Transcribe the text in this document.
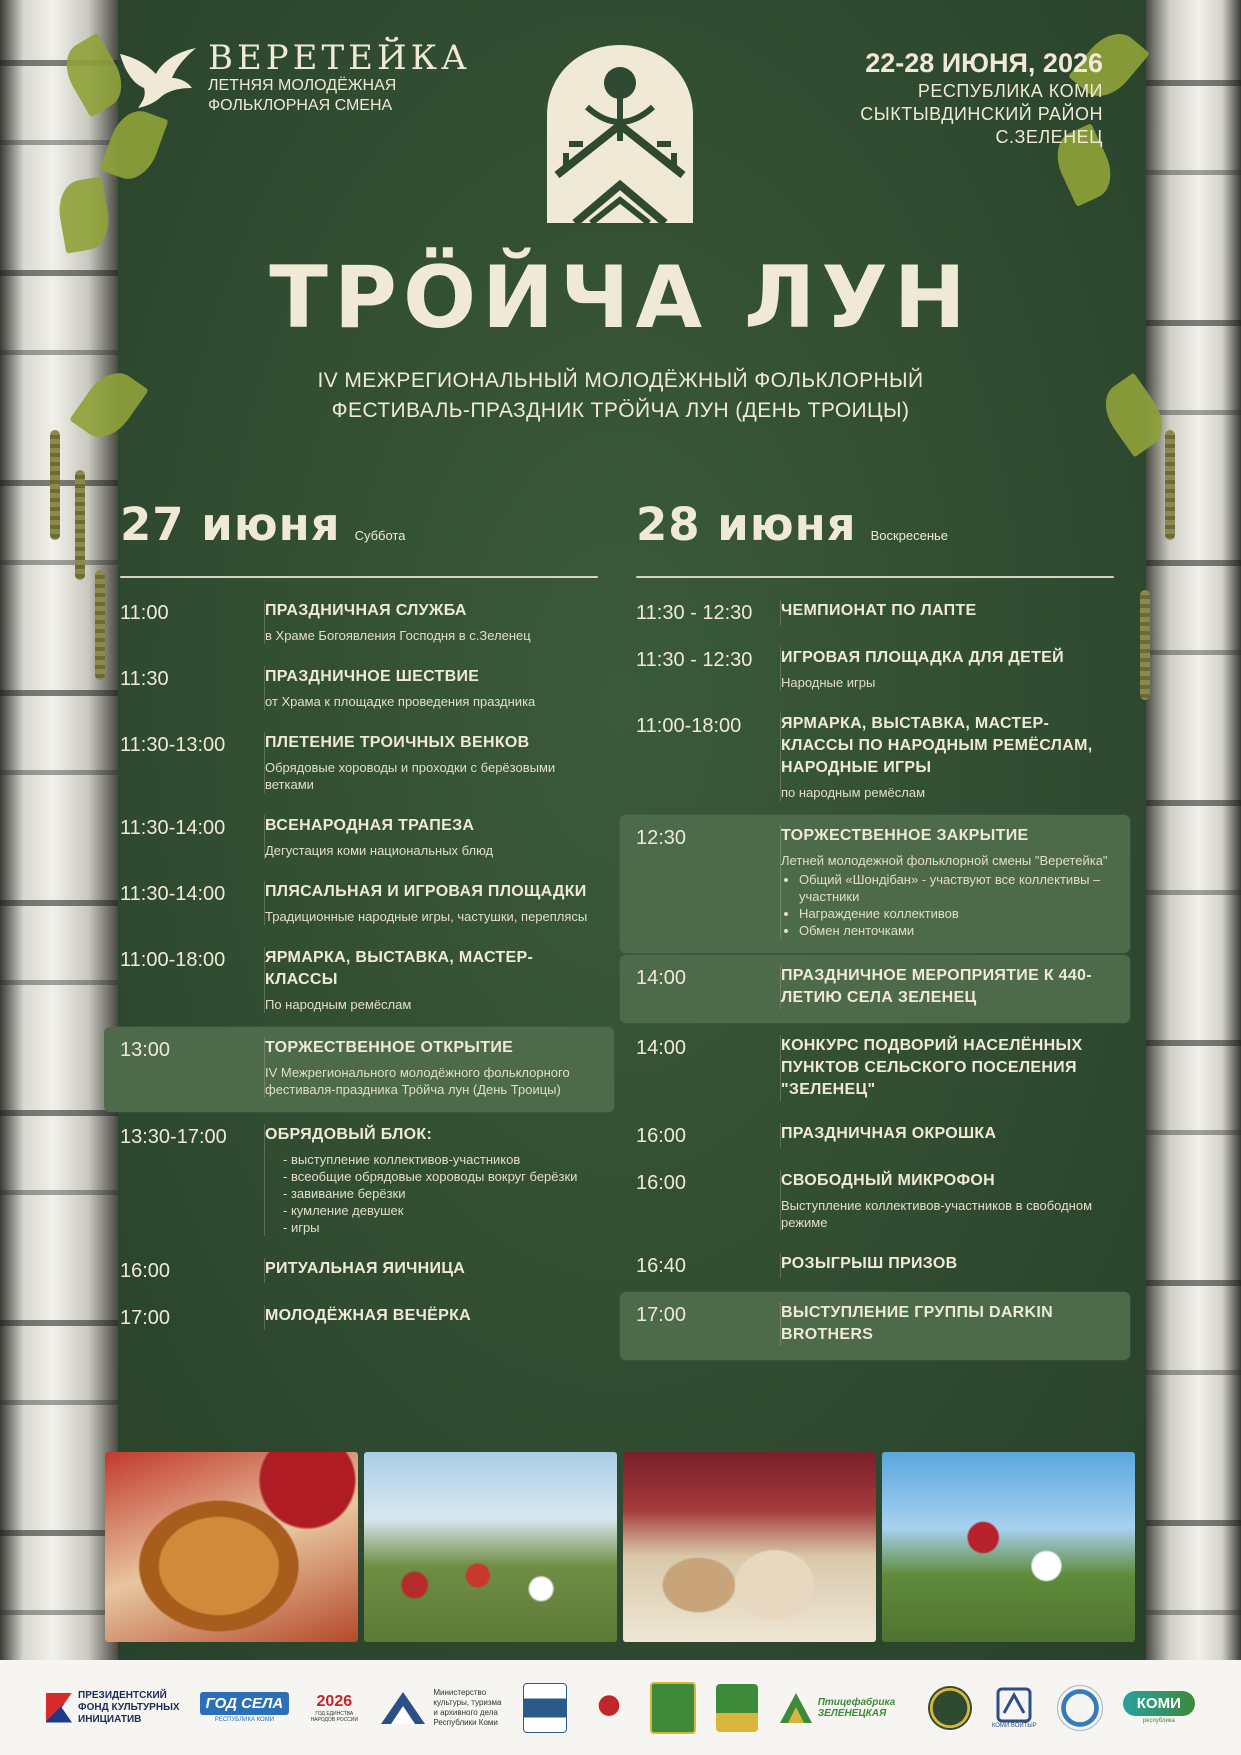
ВЕРЕТЕЙКА
ЛЕТНЯЯ МОЛОДЁЖНАЯ
ФОЛЬКЛОРНАЯ СМЕНА
22-28 ИЮНЯ, 2026
РЕСПУБЛИКА КОМИ
СЫКТЫВДИНСКИЙ РАЙОН
С.ЗЕЛЕНЕЦ
ТРӦЙЧА ЛУН
IV МЕЖРЕГИОНАЛЬНЫЙ МОЛОДЁЖНЫЙ ФОЛЬКЛОРНЫЙ
ФЕСТИВАЛЬ-ПРАЗДНИК ТРӦЙЧА ЛУН (ДЕНЬ ТРОИЦЫ)
27 июня Суббота
11:00	ПРАЗДНИЧНАЯ СЛУЖБА
в Храме Богоявления Господня в с.Зеленец
11:30	ПРАЗДНИЧНОЕ ШЕСТВИЕ
от Храма к площадке проведения праздника
11:30-13:00	ПЛЕТЕНИЕ ТРОИЧНЫХ ВЕНКОВ
Обрядовые хороводы и проходки с берёзовыми ветками
11:30-14:00	ВСЕНАРОДНАЯ ТРАПЕЗА
Дегустация коми национальных блюд
11:30-14:00	ПЛЯСАЛЬНАЯ И ИГРОВАЯ ПЛОЩАДКИ
Традиционные народные игры, частушки, переплясы
11:00-18:00	ЯРМАРКА, ВЫСТАВКА, МАСТЕР-КЛАССЫ
По народным ремёслам
13:00	ТОРЖЕСТВЕННОЕ ОТКРЫТИЕ
IV Межрегионального молодёжного фольклорного фестиваля-праздника Трӧйча лун (День Троицы)
13:30-17:00	ОБРЯДОВЫЙ БЛОК:
- выступление коллективов-участников
- всеобщие обрядовые хороводы вокруг берёзки
- завивание берёзки
- кумление девушек
- игры
16:00	РИТУАЛЬНАЯ ЯИЧНИЦА
17:00	МОЛОДЁЖНАЯ ВЕЧЁРКА
28 июня Воскресенье
11:30 - 12:30	ЧЕМПИОНАТ ПО ЛАПТЕ
11:30 - 12:30	ИГРОВАЯ ПЛОЩАДКА ДЛЯ ДЕТЕЙ
Народные игры
11:00-18:00	ЯРМАРКА, ВЫСТАВКА, МАСТЕР-КЛАССЫ ПО НАРОДНЫМ РЕМЁСЛАМ, НАРОДНЫЕ ИГРЫ
по народным ремёслам
12:30	ТОРЖЕСТВЕННОЕ ЗАКРЫТИЕ
Летней молодежной фольклорной смены "Веретейка"
• Общий «Шондібан» - участвуют все коллективы – участники
• Награждение коллективов
• Обмен ленточками
14:00	ПРАЗДНИЧНОЕ МЕРОПРИЯТИЕ К 440-ЛЕТИЮ СЕЛА ЗЕЛЕНЕЦ
14:00	КОНКУРС ПОДВОРИЙ НАСЕЛЁННЫХ ПУНКТОВ СЕЛЬСКОГО ПОСЕЛЕНИЯ "ЗЕЛЕНЕЦ"
16:00	ПРАЗДНИЧНАЯ ОКРОШКА
16:00	СВОБОДНЫЙ МИКРОФОН
Выступление коллективов-участников в свободном режиме
16:40	РОЗЫГРЫШ ПРИЗОВ
17:00	ВЫСТУПЛЕНИЕ ГРУППЫ DARKIN BROTHERS
ПРЕЗИДЕНТСКИЙ
ФОНД КУЛЬТУРНЫХ
ИНИЦИАТИВ
ГОД СЕЛА
РЕСПУБЛИКА КОМИ
2026
ГОД ЕДИНСТВА НАРОДОВ РОССИИ
Министерство культуры, туризма и архивного дела Республики Коми
Птицефабрика ЗЕЛЕНЕЦКАЯ
КОМИ ВОЙТЫР
КОМИ
республика
